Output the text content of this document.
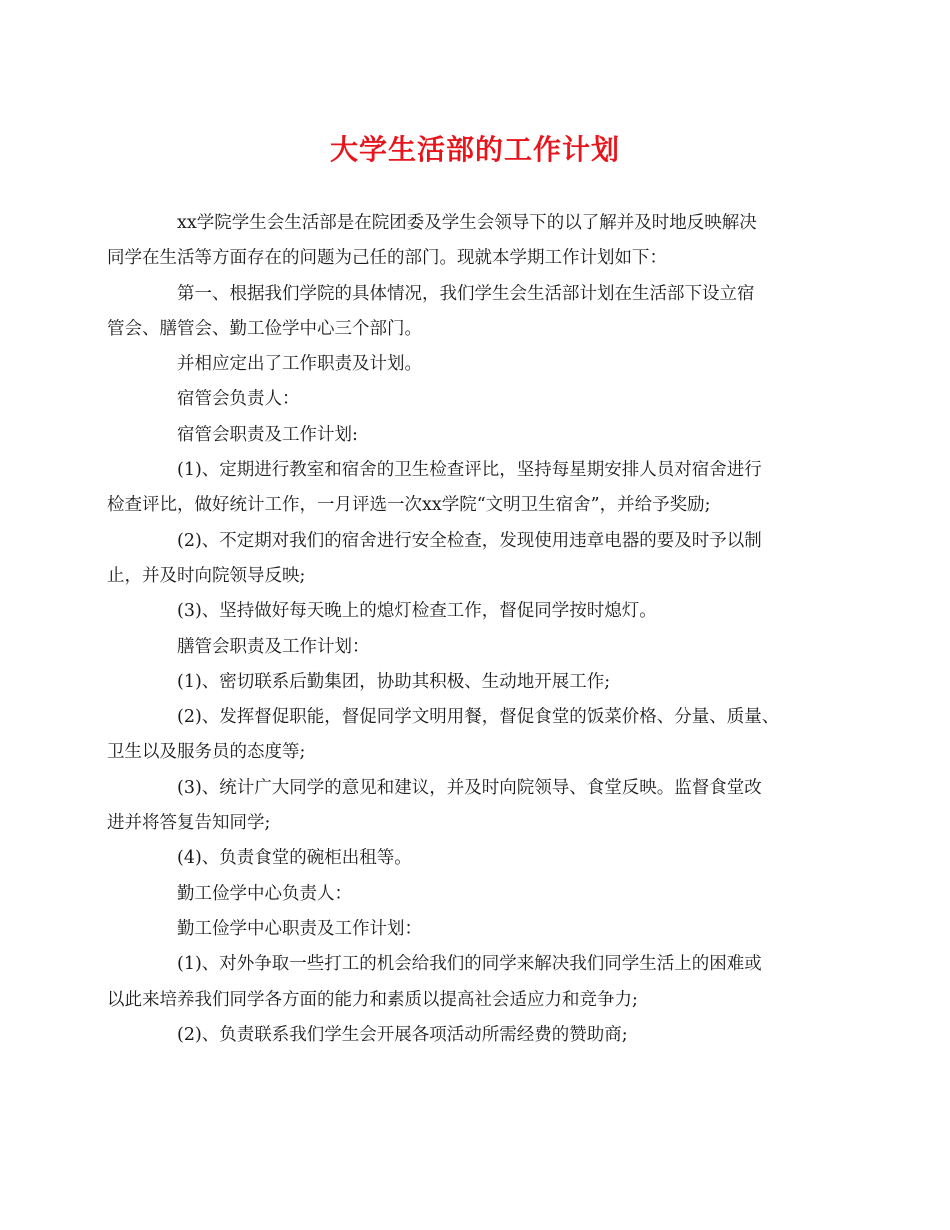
大学生活部的工作计划

xx学院学生会生活部是在院团委及学生会领导下的以了解并及时地反映解决
同学在生活等方面存在的问题为己任的部门。现就本学期工作计划如下：

第一、根据我们学院的具体情况，我们学生会生活部计划在生活部下设立宿
管会、膳管会、勤工俭学中心三个部门。

并相应定出了工作职责及计划。

宿管会负责人：

宿管会职责及工作计划:

(1)、定期进行教室和宿舍的卫生检查评比，坚持每星期安排人员对宿舍进行
检查评比，做好统计工作，一月评选一次xx学院“文明卫生宿舍”，并给予奖励;

(2)、不定期对我们的宿舍进行安全检查，发现使用违章电器的要及时予以制
止，并及时向院领导反映;

(3)、坚持做好每天晚上的熄灯检查工作，督促同学按时熄灯。

膳管会职责及工作计划：

(1)、密切联系后勤集团，协助其积极、生动地开展工作;

(2)、发挥督促职能，督促同学文明用餐，督促食堂的饭菜价格、分量、质量、
卫生以及服务员的态度等;

(3)、统计广大同学的意见和建议，并及时向院领导、食堂反映。监督食堂改
进并将答复告知同学;

(4)、负责食堂的碗柜出租等。

勤工俭学中心负责人：

勤工俭学中心职责及工作计划：

(1)、对外争取一些打工的机会给我们的同学来解决我们同学生活上的困难或
以此来培养我们同学各方面的能力和素质以提高社会适应力和竞争力;

(2)、负责联系我们学生会开展各项活动所需经费的赞助商;
